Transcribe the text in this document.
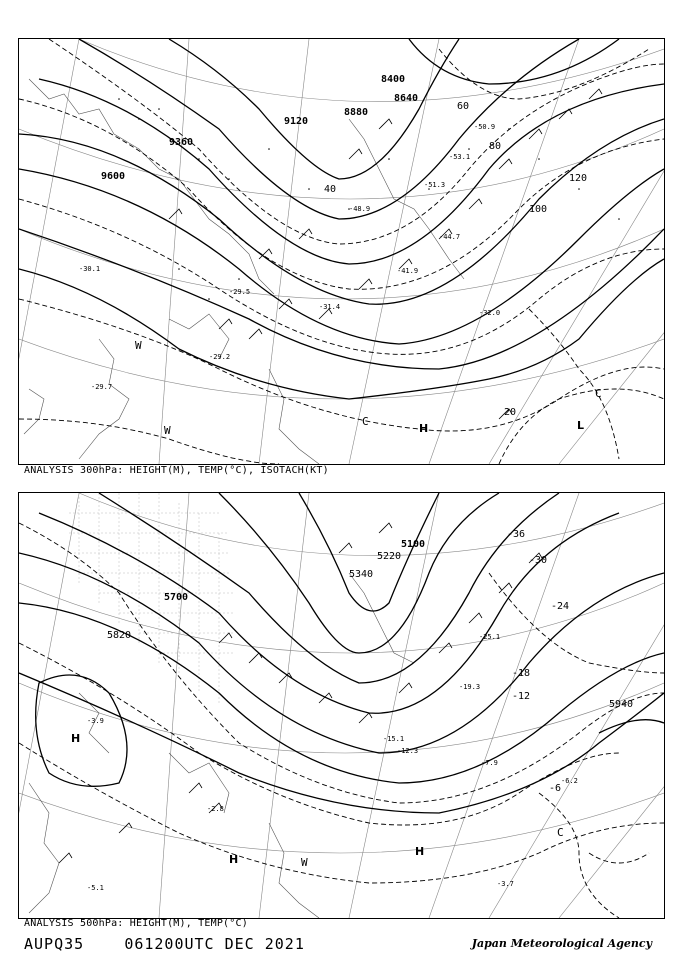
9600
9360
9120
8880
8640
8400
20
40
60
80
100
120
-30.1
-29.7
-29.2
-29.5
-31.4
-32.0
-41.9
-44.7
-48.9
-51.3
-53.1
-50.9
H	L
C
C
W
W
ANALYSIS 300hPa: HEIGHT(M), TEMP(°C), ISOTACH(KT)
5100
5220
5340
5700
5820
5940
-6
-12
-18
-24
-30
-36
-3.9
-3.7
-2.8
-7.9
-6.2
-5.1
-12.3
-15.1
-19.3
-25.1
H
H
H
C
W
ANALYSIS 500hPa: HEIGHT(M), TEMP(°C)
AUPQ35	061200UTC DEC 2021	Japan Meteorological Agency
